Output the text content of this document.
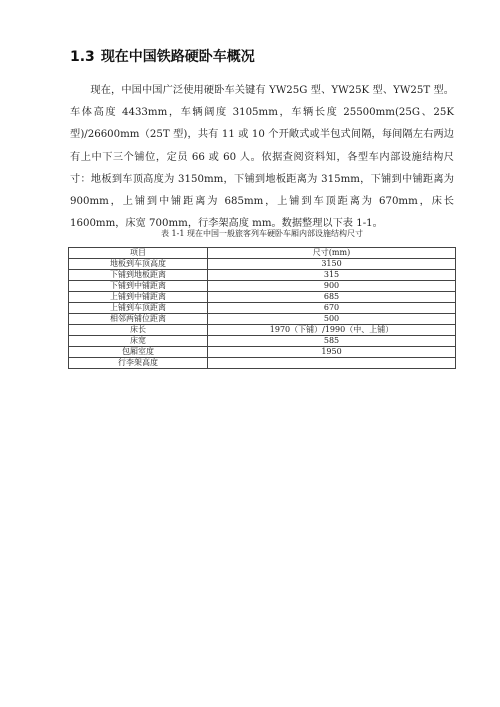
1.3 现在中国铁路硬卧车概况

现在，中国中国广泛使用硬卧车关键有 YW25G 型、YW25K 型、YW25T 型。车体高度 4433mm，车辆阔度 3105mm，车辆长度 25500mm(25G、25K 型)/26600mm（25T 型)，共有 11 或 10 个开敞式或半包式间隔，每间隔左右两边有上中下三个铺位，定员 66 或 60 人。依据查阅资料知，各型车内部设施结构尺寸：地板到车顶高度为 3150mm，下铺到地板距离为 315mm，下铺到中铺距离为 900mm，上铺到中铺距离为 685mm，上铺到车顶距离为 670mm，床长 1600mm，床宽 700mm，行李架高度 mm。数据整理以下表 1-1。

表 1-1 现在中国一般旅客列车硬卧车厢内部设施结构尺寸
项目	尺寸(mm)
地板到车顶高度	3150
下铺到地板距离	315
下铺到中铺距离	900
上铺到中铺距离	685
上铺到车顶距离	670
相邻两铺位距离	500
床长	1970（下铺）/1990（中、上铺）
床宽	585
包厢室度	1950
行李架高度	
